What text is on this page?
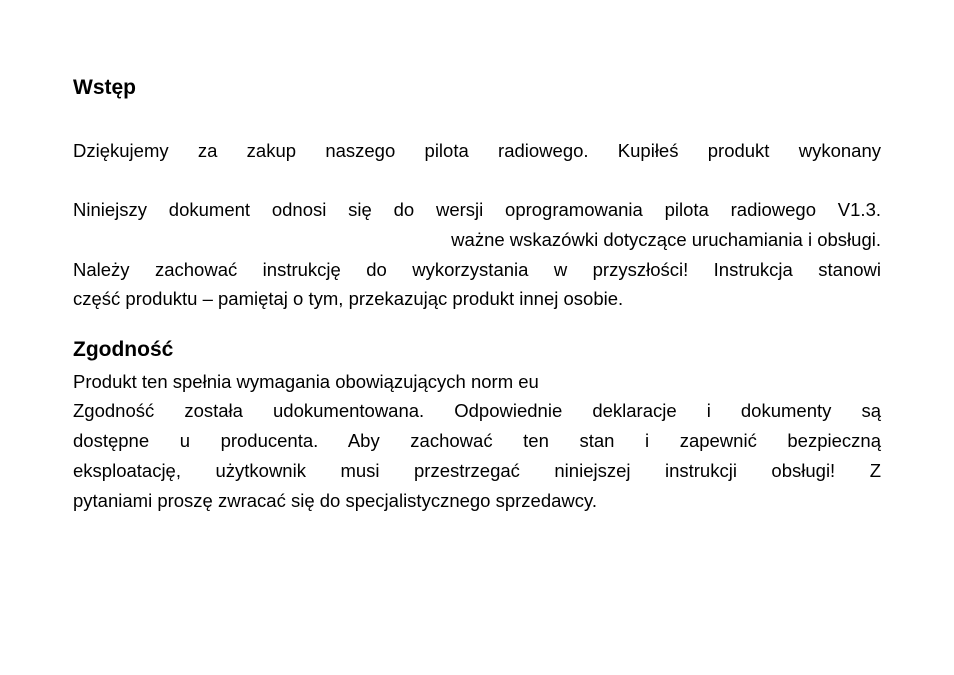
Wstęp
Dziękujemy za zakup naszego pilota radiowego. Kupiłeś produkt wykonany
Niniejszy dokument odnosi się do wersji oprogramowania pilota radiowego V1.3.
ważne wskazówki dotyczące uruchamiania i obsługi.
Należy zachować instrukcję do wykorzystania w przyszłości! Instrukcja stanowi
część produktu – pamiętaj o tym, przekazując produkt innej osobie.
Zgodność
Produkt ten spełnia wymagania obowiązujących norm eu
Zgodność została udokumentowana. Odpowiednie deklaracje i dokumenty są
dostępne u producenta. Aby zachować ten stan i zapewnić bezpieczną
eksploatację, użytkownik musi przestrzegać niniejszej instrukcji obsługi! Z
pytaniami proszę zwracać się do specjalistycznego sprzedawcy.
